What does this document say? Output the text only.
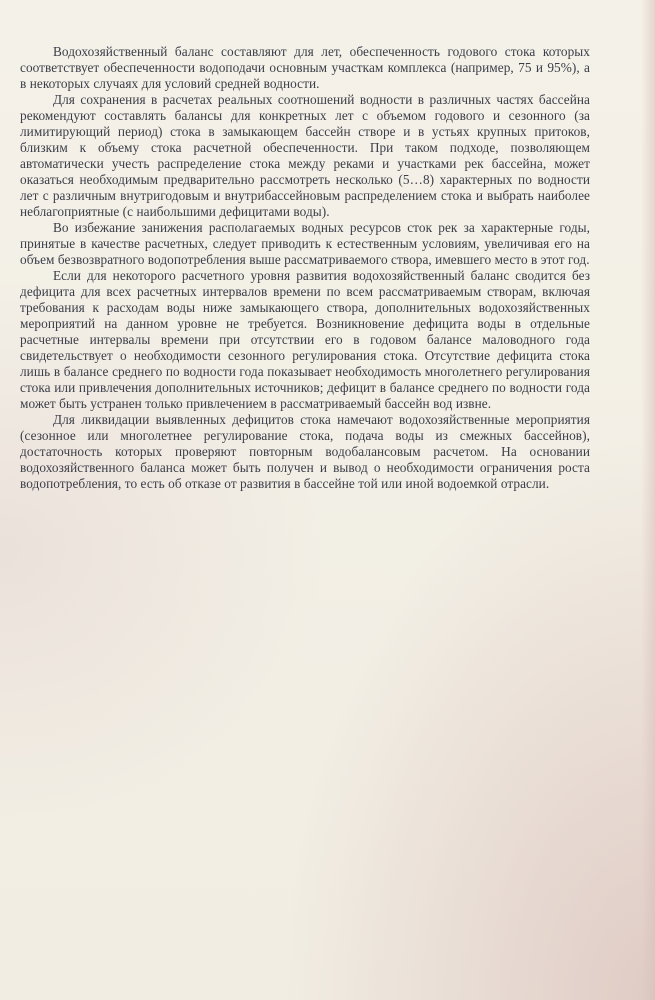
Водохозяйственный баланс составляют для лет, обеспеченность годового стока которых соответствует обеспеченности водоподачи основным участкам комплекса (например, 75 и 95%), а в некоторых случаях для условий средней водности.

Для сохранения в расчетах реальных соотношений водности в различных частях бассейна рекомендуют составлять балансы для конкретных лет с объемом годового и сезонного (за лимитирующий период) стока в замыкающем бассейн створе и в устьях крупных притоков, близким к объему стока расчетной обеспеченности. При таком подходе, позволяющем автоматически учесть распределение стока между реками и участками рек бассейна, может оказаться необходимым предварительно рассмотреть несколько (5…8) характерных по водности лет с различным внутригодовым и внутрибассейновым распределением стока и выбрать наиболее неблагоприятные (с наибольшими дефицитами воды).

Во избежание занижения располагаемых водных ресурсов сток рек за характерные годы, принятые в качестве расчетных, следует приводить к естественным условиям, увеличивая его на объем безвозвратного водопотребления выше рассматриваемого створа, имевшего место в этот год.

Если для некоторого расчетного уровня развития водохозяйственный баланс сводится без дефицита для всех расчетных интервалов времени по всем рассматриваемым створам, включая требования к расходам воды ниже замыкающего створа, дополнительных водохозяйственных мероприятий на данном уровне не требуется. Возникновение дефицита воды в отдельные расчетные интервалы времени при отсутствии его в годовом балансе маловодного года свидетельствует о необходимости сезонного регулирования стока. Отсутствие дефицита стока лишь в балансе среднего по водности года показывает необходимость многолетнего регулирования стока или привлечения дополнительных источников; дефицит в балансе среднего по водности года может быть устранен только привлечением в рассматриваемый бассейн вод извне.

Для ликвидации выявленных дефицитов стока намечают водохозяйственные мероприятия (сезонное или многолетнее регулирование стока, подача воды из смежных бассейнов), достаточность которых проверяют повторным водобалансовым расчетом. На основании водохозяйственного баланса может быть получен и вывод о необходимости ограничения роста водопотребления, то есть об отказе от развития в бассейне той или иной водоемкой отрасли.
